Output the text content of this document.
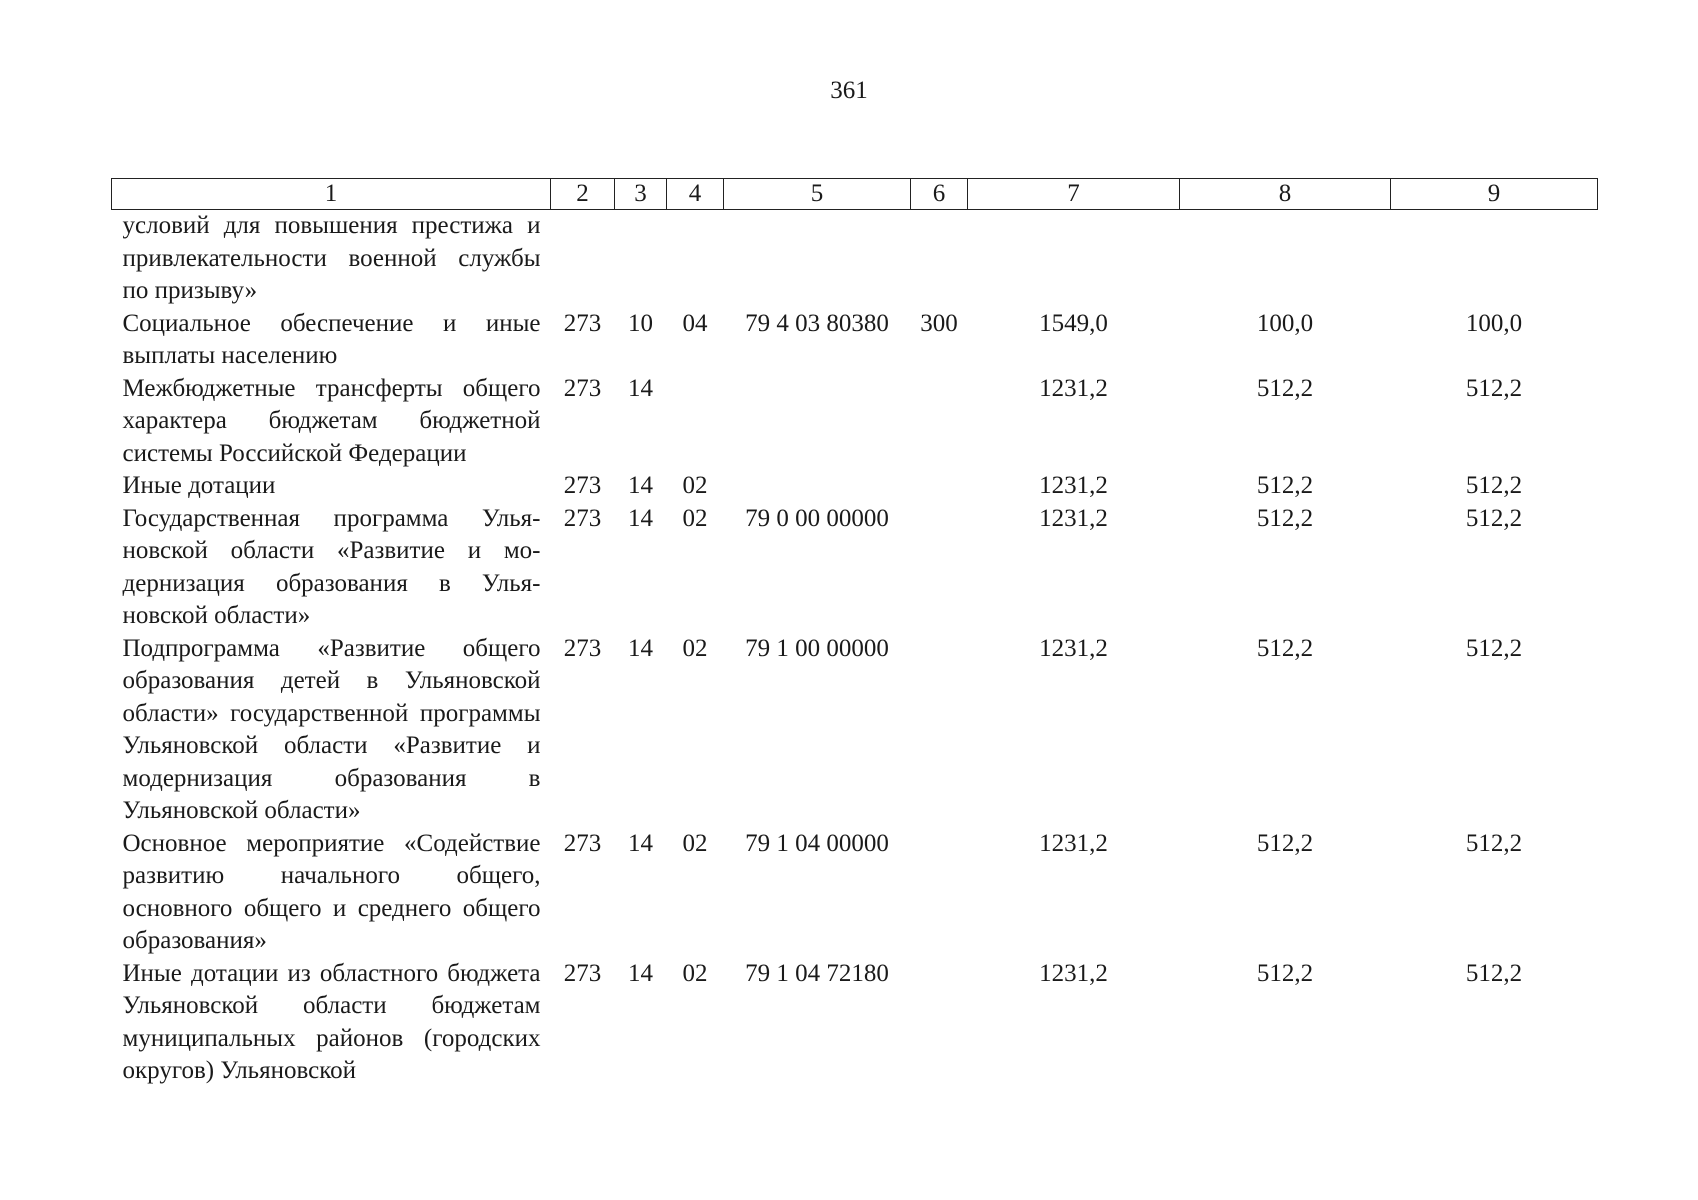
361
1	2	3	4	5	6	7	8	9
условий для повышения престижа и привлекательности военной службы по призыву»								
Социальное обеспечение и иные выплаты населению	273	10	04	79 4 03 80380	300	1549,0	100,0	100,0
Межбюджетные трансферты общего характера бюджетам бюджетной системы Российской Федерации	273	14				1231,2	512,2	512,2
Иные дотации	273	14	02			1231,2	512,2	512,2
Государственная программа Ульяновской области «Развитие и модернизация образования в Ульяновской области»	273	14	02	79 0 00 00000		1231,2	512,2	512,2
Подпрограмма «Развитие общего образования детей в Ульяновской области» государственной программы Ульяновской области «Развитие и модернизация образования в Ульяновской области»	273	14	02	79 1 00 00000		1231,2	512,2	512,2
Основное мероприятие «Содействие развитию начального общего, основного общего и среднего общего образования»	273	14	02	79 1 04 00000		1231,2	512,2	512,2
Иные дотации из областного бюджета Ульяновской области бюджетам муниципальных районов (городских округов) Ульяновской	273	14	02	79 1 04 72180		1231,2	512,2	512,2
